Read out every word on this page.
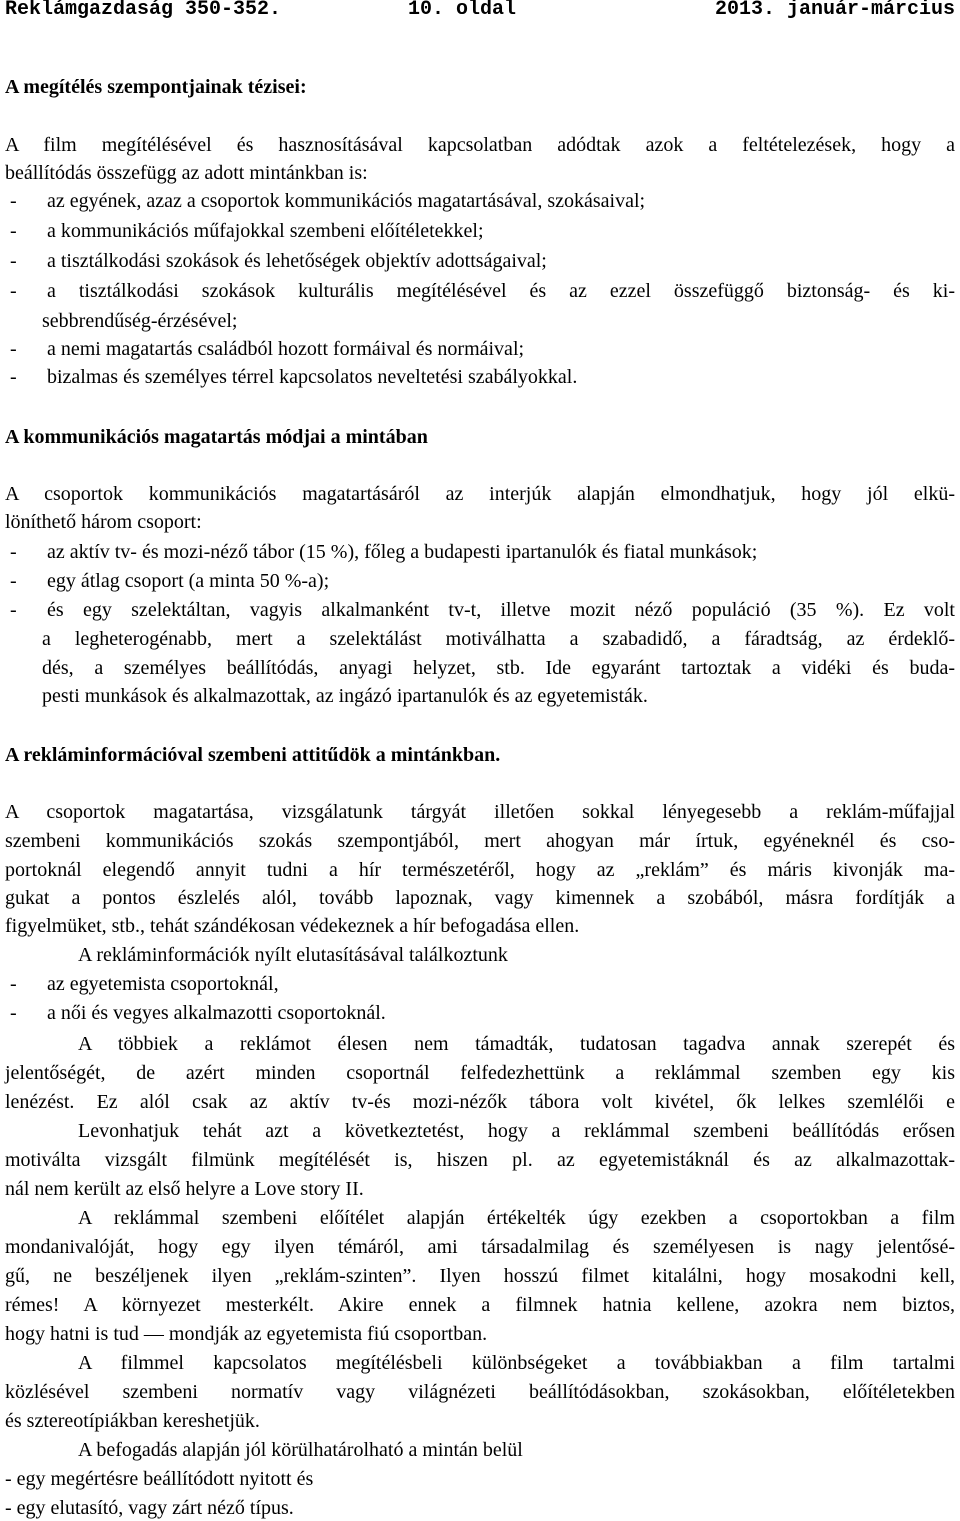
Reklámgazdaság 350-352.

	10. oldal

	2013. január-március

A megítélés szempontjainak tézisei:
A film megítélésével és hasznosításával kapcsolatban adódtak azok a feltételezések, hogy a
beállítódás összefügg az adott mintánkban is:
- az egyének, azaz a csoportok kommunikációs magatartásával, szokásaival;
- a kommunikációs műfajokkal szembeni előítéletekkel;
- a tisztálkodási szokások és lehetőségek objektív adottságaival;
- a tisztálkodási szokások kulturális megítélésével és az ezzel összefüggő biztonság- és ki-
sebbrendűség-érzésével;
- a nemi magatartás családból hozott formáival és normáival;
- bizalmas és személyes térrel kapcsolatos neveltetési szabályokkal.
A kommunikációs magatartás módjai a mintában
A csoportok kommunikációs magatartásáról az interjúk alapján elmondhatjuk, hogy jól elkü-
löníthető három csoport:
- az aktív tv- és mozi-néző tábor (15 %), főleg a budapesti ipartanulók és fiatal munkások;
- egy átlag csoport (a minta 50 %-a);
- és egy szelektáltan, vagyis alkalmanként tv-t, illetve mozit néző populáció (35 %). Ez volt
a legheterogénabb, mert a szelektálást motiválhatta a szabadidő, a fáradtság, az érdeklő-
dés, a személyes beállítódás, anyagi helyzet, stb. Ide egyaránt tartoztak a vidéki és buda-
pesti munkások és alkalmazottak, az ingázó ipartanulók és az egyetemisták.
A rekláminformációval szembeni attitűdök a mintánkban.
A csoportok magatartása, vizsgálatunk tárgyát illetően sokkal lényegesebb a reklám-műfajjal
szembeni kommunikációs szokás szempontjából, mert ahogyan már írtuk, egyéneknél és cso-
portoknál elegendő annyit tudni a hír természetéről, hogy az „reklám” és máris kivonják ma-
gukat a pontos észlelés alól, tovább lapoznak, vagy kimennek a szobából, másra fordítják a
figyelmüket, stb., tehát szándékosan védekeznek a hír befogadása ellen.
A rekláminformációk nyílt elutasításával találkoztunk
- az egyetemista csoportoknál,
- a női és vegyes alkalmazotti csoportoknál.
A többiek a reklámot élesen nem támadták, tudatosan tagadva annak szerepét és
jelentőségét, de azért minden csoportnál felfedezhettünk a reklámmal szemben egy kis
lenézést. Ez alól csak az aktív tv-és mozi-nézők tábora volt kivétel, ők lelkes szemlélői e
Levonhatjuk tehát azt a következtetést, hogy a reklámmal szembeni beállítódás erősen
motiválta vizsgált filmünk megítélését is, hiszen pl. az egyetemistáknál és az alkalmazottak-
nál nem került az első helyre a Love story II.
A reklámmal szembeni előítélet alapján értékelték úgy ezekben a csoportokban a film
mondanivalóját, hogy egy ilyen témáról, ami társadalmilag és személyesen is nagy jelentősé-
gű, ne beszéljenek ilyen „reklám-szinten”. Ilyen hosszú filmet kitalálni, hogy mosakodni kell,
rémes! A környezet mesterkélt. Akire ennek a filmnek hatnia kellene, azokra nem biztos,
hogy hatni is tud — mondják az egyetemista fiú csoportban.
A filmmel kapcsolatos megítélésbeli különbségeket a továbbiakban a film tartalmi
közlésével szembeni normatív vagy világnézeti beállítódásokban, szokásokban, előítéletekben
és sztereotípiákban kereshetjük.
A befogadás alapján jól körülhatárolható a mintán belül
- egy megértésre beállítódott nyitott és
- egy elutasító, vagy zárt néző típus.
